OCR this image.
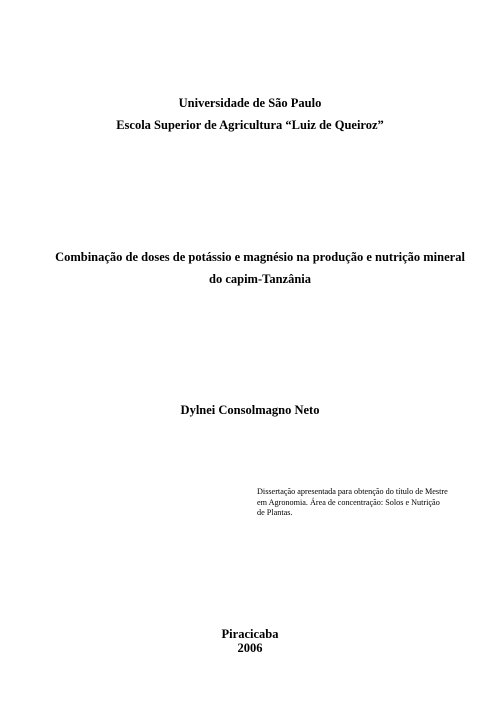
Universidade de São Paulo
Escola Superior de Agricultura “Luiz de Queiroz”
Combinação de doses de potássio e magnésio na produção e nutrição mineral
do capim-Tanzânia
Dylnei Consolmagno Neto
Dissertação apresentada para obtenção do título de Mestre
em Agronomia. Área de concentração: Solos e Nutrição
de Plantas.
Piracicaba
2006
